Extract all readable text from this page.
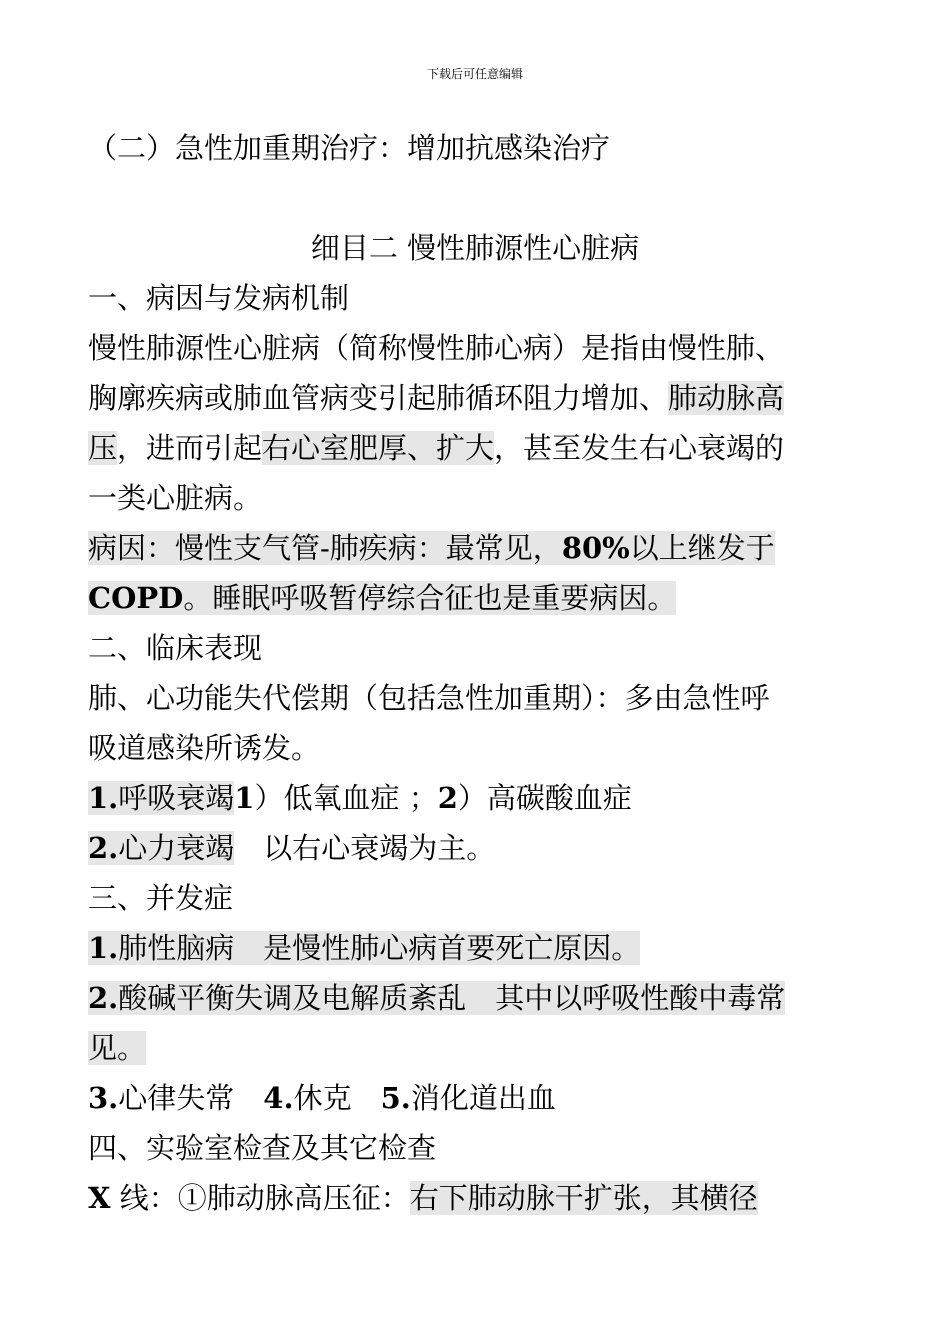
下载后可任意编辑
（二）急性加重期治疗：增加抗感染治疗
细目二 慢性肺源性心脏病
一、病因与发病机制
慢性肺源性心脏病（简称慢性肺心病）是指由慢性肺、
胸廓疾病或肺血管病变引起肺循环阻力增加、肺动脉高
压，进而引起右心室肥厚、扩大，甚至发生右心衰竭的
一类心脏病。
病因：慢性支气管-肺疾病：最常见，80%以上继发于
COPD。睡眠呼吸暂停综合征也是重要病因。
二、临床表现
肺、心功能失代偿期（包括急性加重期）：多由急性呼
吸道感染所诱发。
1.呼吸衰竭1）低氧血症 ；2）高碳酸血症
2.心力衰竭　以右心衰竭为主。
三、并发症
1.肺性脑病　是慢性肺心病首要死亡原因。
2.酸碱平衡失调及电解质紊乱　其中以呼吸性酸中毒常
见。
3.心律失常　4.休克　5.消化道出血
四、实验室检查及其它检查
X 线：①肺动脉高压征：右下肺动脉干扩张，其横径
